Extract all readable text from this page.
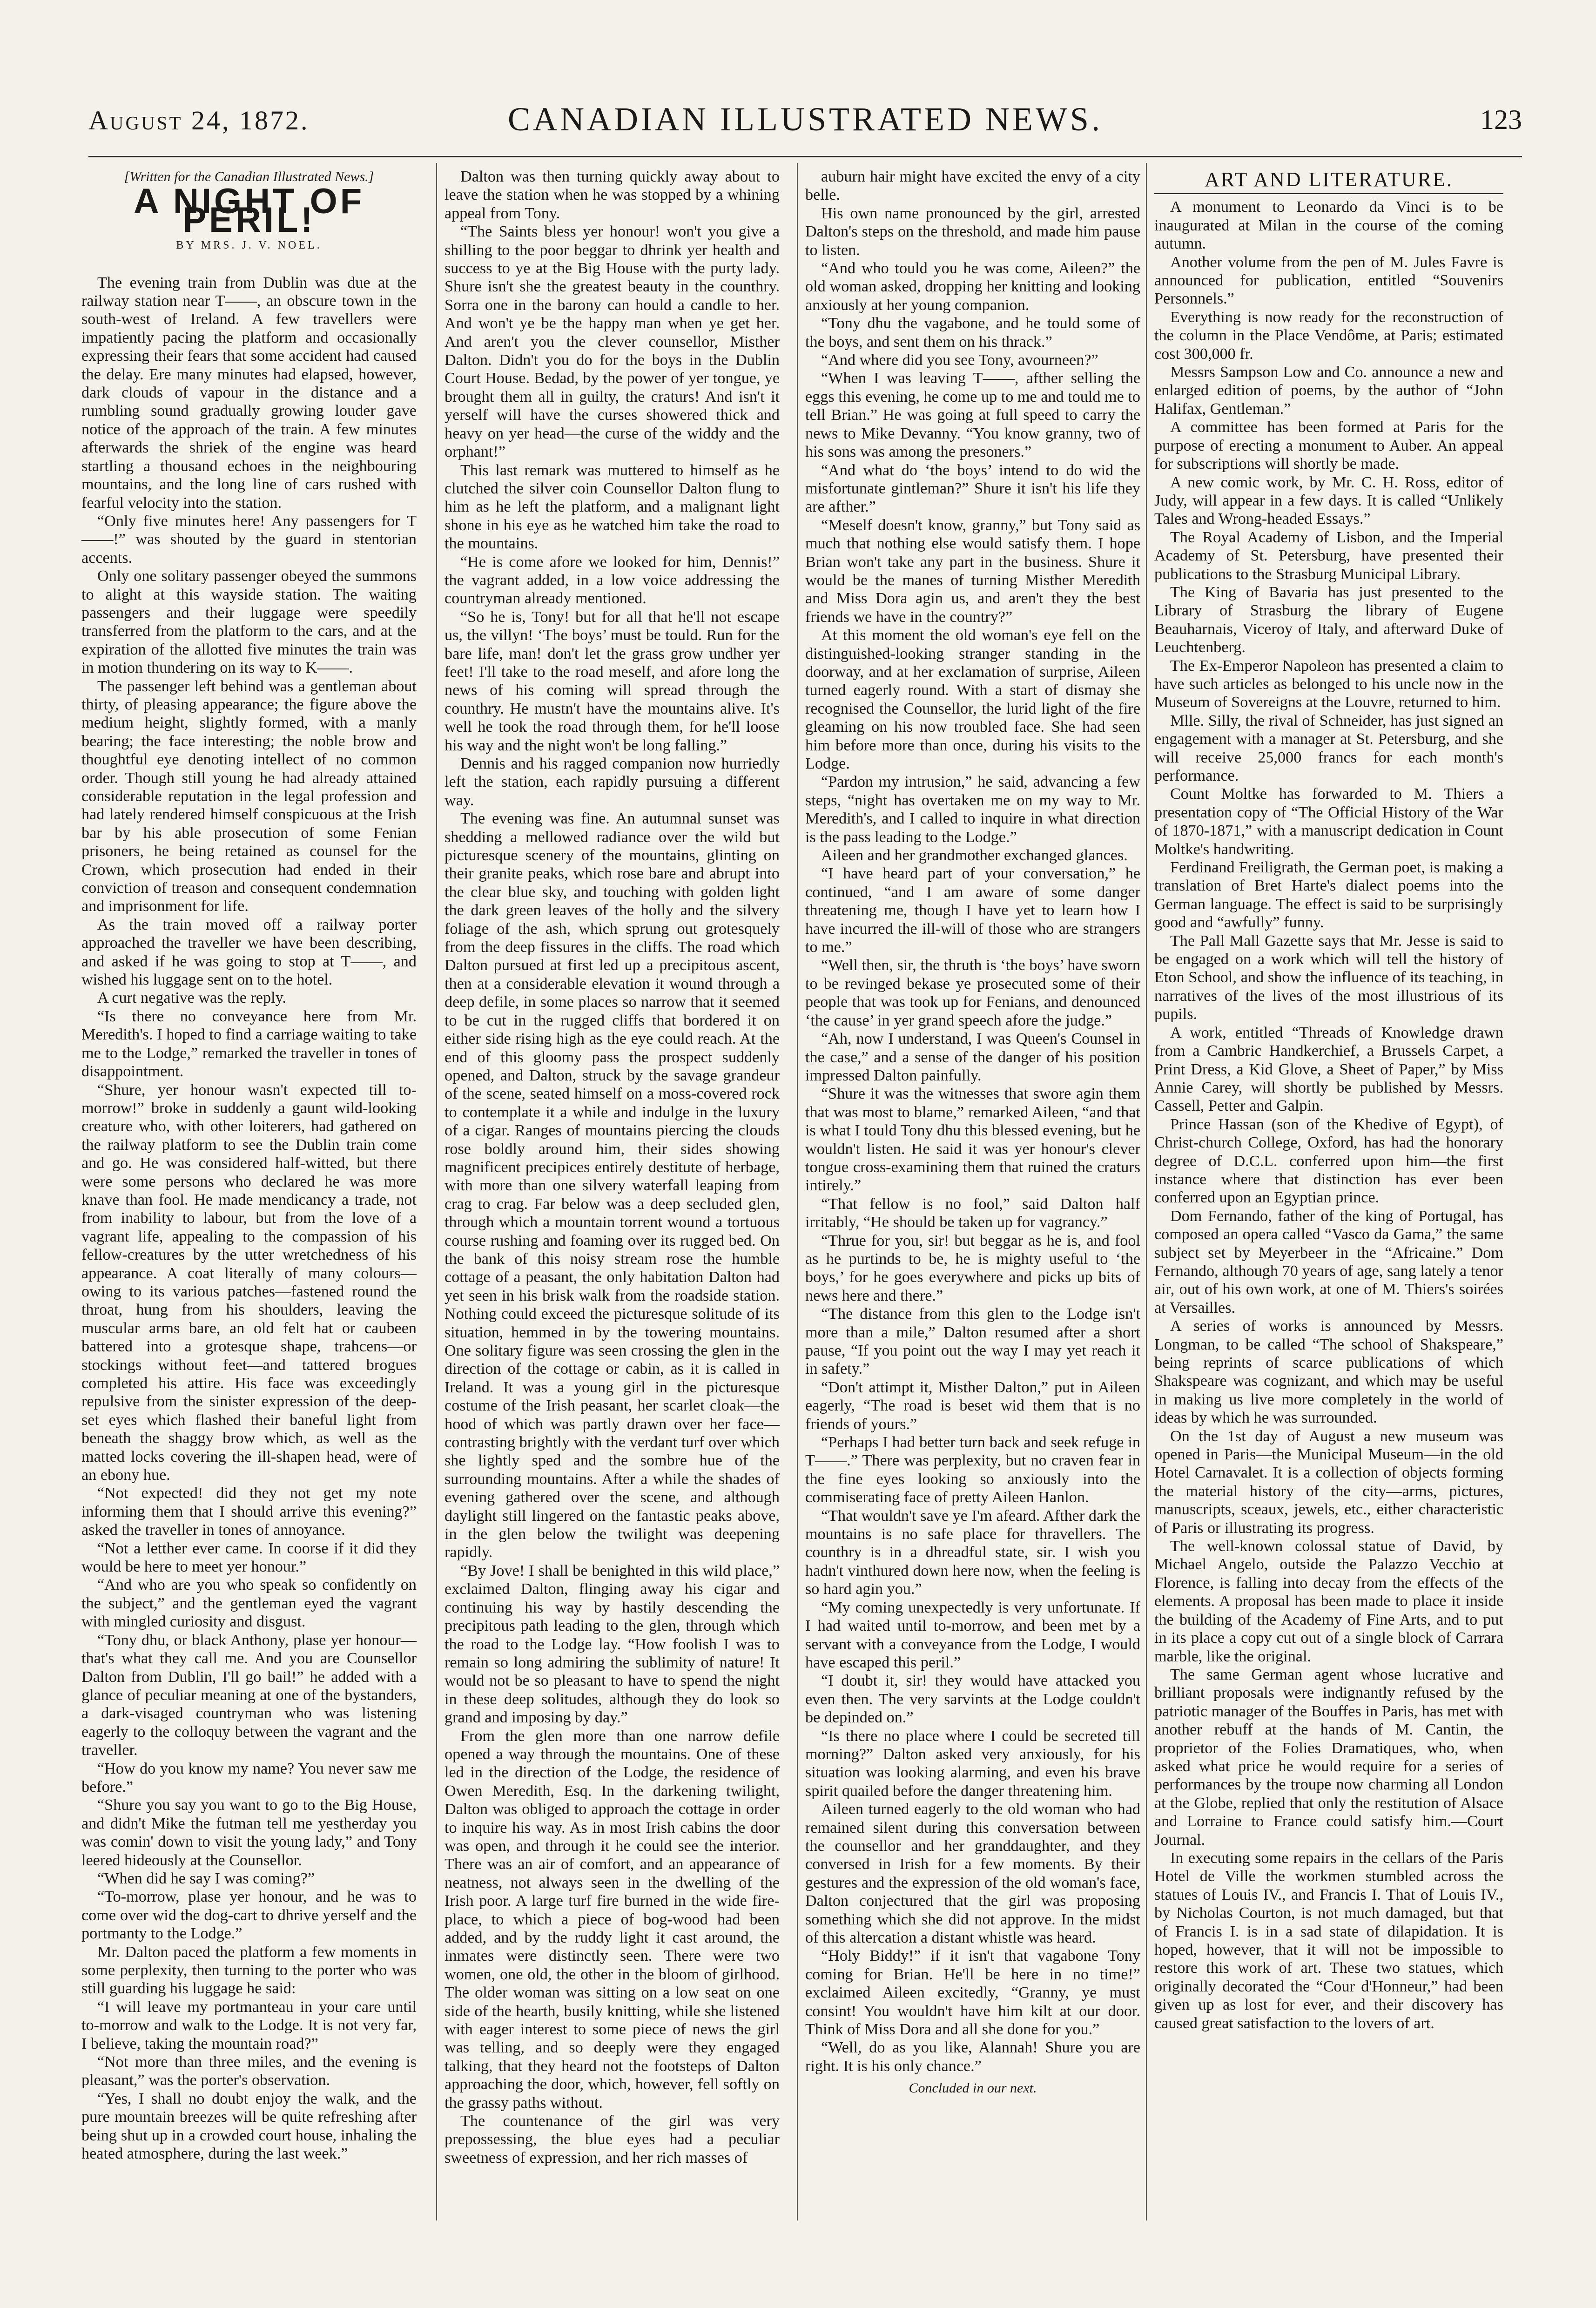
August 24, 1872.	CANADIAN ILLUSTRATED NEWS.	123
[Written for the Canadian Illustrated News.]
A NIGHT OF PERIL!
BY MRS. J. V. NOEL.

The evening train from Dublin was due at the railway station near T——, an obscure town in the south-west of Ireland. A few travellers were impatiently pacing the platform and occasionally expressing their fears that some accident had caused the delay. Ere many minutes had elapsed, however, dark clouds of vapour in the distance and a rumbling sound gradually growing louder gave notice of the approach of the train. A few minutes afterwards the shriek of the engine was heard startling a thousand echoes in the neighbouring mountains, and the long line of cars rushed with fearful velocity into the station.

“Only five minutes here! Any passengers for T——!” was shouted by the guard in stentorian accents.

Only one solitary passenger obeyed the summons to alight at this wayside station. The waiting passengers and their luggage were speedily transferred from the platform to the cars, and at the expiration of the allotted five minutes the train was in motion thundering on its way to K——.

The passenger left behind was a gentleman about thirty, of pleasing appearance; the figure above the medium height, slightly formed, with a manly bearing; the face interesting; the noble brow and thoughtful eye denoting intellect of no common order. Though still young he had already attained considerable reputation in the legal profession and had lately rendered himself conspicuous at the Irish bar by his able prosecution of some Fenian prisoners, he being retained as counsel for the Crown, which prosecution had ended in their conviction of treason and consequent condemnation and imprisonment for life.

As the train moved off a railway porter approached the traveller we have been describing, and asked if he was going to stop at T——, and wished his luggage sent on to the hotel.

A curt negative was the reply.

“Is there no conveyance here from Mr. Meredith's. I hoped to find a carriage waiting to take me to the Lodge,” remarked the traveller in tones of disappointment.

“Shure, yer honour wasn't expected till to-morrow!” broke in suddenly a gaunt wild-looking creature who, with other loiterers, had gathered on the railway platform to see the Dublin train come and go. He was considered half-witted, but there were some persons who declared he was more knave than fool. He made mendicancy a trade, not from inability to labour, but from the love of a vagrant life, appealing to the compassion of his fellow-creatures by the utter wretchedness of his appearance. A coat literally of many colours—owing to its various patches—fastened round the throat, hung from his shoulders, leaving the muscular arms bare, an old felt hat or caubeen battered into a grotesque shape, trahcens—or stockings without feet—and tattered brogues completed his attire. His face was exceedingly repulsive from the sinister expression of the deep-set eyes which flashed their baneful light from beneath the shaggy brow which, as well as the matted locks covering the ill-shapen head, were of an ebony hue.

“Not expected! did they not get my note informing them that I should arrive this evening?” asked the traveller in tones of annoyance.

“Not a letther ever came. In coorse if it did they would be here to meet yer honour.”

“And who are you who speak so confidently on the subject,” and the gentleman eyed the vagrant with mingled curiosity and disgust.

“Tony dhu, or black Anthony, plase yer honour—that's what they call me. And you are Counsellor Dalton from Dublin, I'll go bail!” he added with a glance of peculiar meaning at one of the bystanders, a dark-visaged countryman who was listening eagerly to the colloquy between the vagrant and the traveller.

“How do you know my name? You never saw me before.”

“Shure you say you want to go to the Big House, and didn't Mike the futman tell me yestherday you was comin' down to visit the young lady,” and Tony leered hideously at the Counsellor.

“When did he say I was coming?”

“To-morrow, plase yer honour, and he was to come over wid the dog-cart to dhrive yerself and the portmanty to the Lodge.”

Mr. Dalton paced the platform a few moments in some perplexity, then turning to the porter who was still guarding his luggage he said:

“I will leave my portmanteau in your care until to-morrow and walk to the Lodge. It is not very far, I believe, taking the mountain road?”

“Not more than three miles, and the evening is pleasant,” was the porter's observation.

“Yes, I shall no doubt enjoy the walk, and the pure mountain breezes will be quite refreshing after being shut up in a crowded court house, inhaling the heated atmosphere, during the last week.”

Dalton was then turning quickly away about to leave the station when he was stopped by a whining appeal from Tony.

“The Saints bless yer honour! won't you give a shilling to the poor beggar to dhrink yer health and success to ye at the Big House with the purty lady. Shure isn't she the greatest beauty in the counthry. Sorra one in the barony can hould a candle to her. And won't ye be the happy man when ye get her. And aren't you the clever counsellor, Misther Dalton. Didn't you do for the boys in the Dublin Court House. Bedad, by the power of yer tongue, ye brought them all in guilty, the craturs! And isn't it yerself will have the curses showered thick and heavy on yer head—the curse of the widdy and the orphant!”

This last remark was muttered to himself as he clutched the silver coin Counsellor Dalton flung to him as he left the platform, and a malignant light shone in his eye as he watched him take the road to the mountains.

“He is come afore we looked for him, Dennis!” the vagrant added, in a low voice addressing the countryman already mentioned.

“So he is, Tony! but for all that he'll not escape us, the villyn! ‘The boys’ must be tould. Run for the bare life, man! don't let the grass grow undher yer feet! I'll take to the road meself, and afore long the news of his coming will spread through the counthry. He mustn't have the mountains alive. It's well he took the road through them, for he'll loose his way and the night won't be long falling.”

Dennis and his ragged companion now hurriedly left the station, each rapidly pursuing a different way.

The evening was fine. An autumnal sunset was shedding a mellowed radiance over the wild but picturesque scenery of the mountains, glinting on their granite peaks, which rose bare and abrupt into the clear blue sky, and touching with golden light the dark green leaves of the holly and the silvery foliage of the ash, which sprung out grotesquely from the deep fissures in the cliffs. The road which Dalton pursued at first led up a precipitous ascent, then at a considerable elevation it wound through a deep defile, in some places so narrow that it seemed to be cut in the rugged cliffs that bordered it on either side rising high as the eye could reach. At the end of this gloomy pass the prospect suddenly opened, and Dalton, struck by the savage grandeur of the scene, seated himself on a moss-covered rock to contemplate it a while and indulge in the luxury of a cigar. Ranges of mountains piercing the clouds rose boldly around him, their sides showing magnificent precipices entirely destitute of herbage, with more than one silvery waterfall leaping from crag to crag. Far below was a deep secluded glen, through which a mountain torrent wound a tortuous course rushing and foaming over its rugged bed. On the bank of this noisy stream rose the humble cottage of a peasant, the only habitation Dalton had yet seen in his brisk walk from the roadside station. Nothing could exceed the picturesque solitude of its situation, hemmed in by the towering mountains. One solitary figure was seen crossing the glen in the direction of the cottage or cabin, as it is called in Ireland. It was a young girl in the picturesque costume of the Irish peasant, her scarlet cloak—the hood of which was partly drawn over her face—contrasting brightly with the verdant turf over which she lightly sped and the sombre hue of the surrounding mountains. After a while the shades of evening gathered over the scene, and although daylight still lingered on the fantastic peaks above, in the glen below the twilight was deepening rapidly.

“By Jove! I shall be benighted in this wild place,” exclaimed Dalton, flinging away his cigar and continuing his way by hastily descending the precipitous path leading to the glen, through which the road to the Lodge lay. “How foolish I was to remain so long admiring the sublimity of nature! It would not be so pleasant to have to spend the night in these deep solitudes, although they do look so grand and imposing by day.”

From the glen more than one narrow defile opened a way through the mountains. One of these led in the direction of the Lodge, the residence of Owen Meredith, Esq. In the darkening twilight, Dalton was obliged to approach the cottage in order to inquire his way. As in most Irish cabins the door was open, and through it he could see the interior. There was an air of comfort, and an appearance of neatness, not always seen in the dwelling of the Irish poor. A large turf fire burned in the wide fire-place, to which a piece of bog-wood had been added, and by the ruddy light it cast around, the inmates were distinctly seen. There were two women, one old, the other in the bloom of girlhood. The older woman was sitting on a low seat on one side of the hearth, busily knitting, while she listened with eager interest to some piece of news the girl was telling, and so deeply were they engaged talking, that they heard not the footsteps of Dalton approaching the door, which, however, fell softly on the grassy paths without.

The countenance of the girl was very prepossessing, the blue eyes had a peculiar sweetness of expression, and her rich masses of

auburn hair might have excited the envy of a city belle.

His own name pronounced by the girl, arrested Dalton's steps on the threshold, and made him pause to listen.

“And who tould you he was come, Aileen?” the old woman asked, dropping her knitting and looking anxiously at her young companion.

“Tony dhu the vagabone, and he tould some of the boys, and sent them on his thrack.”

“And where did you see Tony, avourneen?”

“When I was leaving T——, afther selling the eggs this evening, he come up to me and tould me to tell Brian.” He was going at full speed to carry the news to Mike Devanny. “You know granny, two of his sons was among the presoners.”

“And what do ‘the boys’ intend to do wid the misfortunate gintleman?” Shure it isn't his life they are afther.”

“Meself doesn't know, granny,” but Tony said as much that nothing else would satisfy them. I hope Brian won't take any part in the business. Shure it would be the manes of turning Misther Meredith and Miss Dora agin us, and aren't they the best friends we have in the country?”

At this moment the old woman's eye fell on the distinguished-looking stranger standing in the doorway, and at her exclamation of surprise, Aileen turned eagerly round. With a start of dismay she recognised the Counsellor, the lurid light of the fire gleaming on his now troubled face. She had seen him before more than once, during his visits to the Lodge.

“Pardon my intrusion,” he said, advancing a few steps, “night has overtaken me on my way to Mr. Meredith's, and I called to inquire in what direction is the pass leading to the Lodge.”

Aileen and her grandmother exchanged glances.

“I have heard part of your conversation,” he continued, “and I am aware of some danger threatening me, though I have yet to learn how I have incurred the ill-will of those who are strangers to me.”

“Well then, sir, the thruth is ‘the boys’ have sworn to be revinged bekase ye prosecuted some of their people that was took up for Fenians, and denounced ‘the cause’ in yer grand speech afore the judge.”

“Ah, now I understand, I was Queen's Counsel in the case,” and a sense of the danger of his position impressed Dalton painfully.

“Shure it was the witnesses that swore agin them that was most to blame,” remarked Aileen, “and that is what I tould Tony dhu this blessed evening, but he wouldn't listen. He said it was yer honour's clever tongue cross-examining them that ruined the craturs intirely.”

“That fellow is no fool,” said Dalton half irritably, “He should be taken up for vagrancy.”

“Thrue for you, sir! but beggar as he is, and fool as he purtinds to be, he is mighty useful to ‘the boys,’ for he goes everywhere and picks up bits of news here and there.”

“The distance from this glen to the Lodge isn't more than a mile,” Dalton resumed after a short pause, “If you point out the way I may yet reach it in safety.”

“Don't attimpt it, Misther Dalton,” put in Aileen eagerly, “The road is beset wid them that is no friends of yours.”

“Perhaps I had better turn back and seek refuge in T——.” There was perplexity, but no craven fear in the fine eyes looking so anxiously into the commiserating face of pretty Aileen Hanlon.

“That wouldn't save ye I'm afeard. Afther dark the mountains is no safe place for thravellers. The counthry is in a dhreadful state, sir. I wish you hadn't vinthured down here now, when the feeling is so hard agin you.”

“My coming unexpectedly is very unfortunate. If I had waited until to-morrow, and been met by a servant with a conveyance from the Lodge, I would have escaped this peril.”

“I doubt it, sir! they would have attacked you even then. The very sarvints at the Lodge couldn't be depinded on.”

“Is there no place where I could be secreted till morning?” Dalton asked very anxiously, for his situation was looking alarming, and even his brave spirit quailed before the danger threatening him.

Aileen turned eagerly to the old woman who had remained silent during this conversation between the counsellor and her granddaughter, and they conversed in Irish for a few moments. By their gestures and the expression of the old woman's face, Dalton conjectured that the girl was proposing something which she did not approve. In the midst of this altercation a distant whistle was heard.

“Holy Biddy!” if it isn't that vagabone Tony coming for Brian. He'll be here in no time!” exclaimed Aileen excitedly, “Granny, ye must consint! You wouldn't have him kilt at our door. Think of Miss Dora and all she done for you.”

“Well, do as you like, Alannah! Shure you are right. It is his only chance.”

Concluded in our next.
ART AND LITERATURE.

A monument to Leonardo da Vinci is to be inaugurated at Milan in the course of the coming autumn.

Another volume from the pen of M. Jules Favre is announced for publication, entitled “Souvenirs Personnels.”

Everything is now ready for the reconstruction of the column in the Place Vendôme, at Paris; estimated cost 300,000 fr.

Messrs Sampson Low and Co. announce a new and enlarged edition of poems, by the author of “John Halifax, Gentleman.”

A committee has been formed at Paris for the purpose of erecting a monument to Auber. An appeal for subscriptions will shortly be made.

A new comic work, by Mr. C. H. Ross, editor of Judy, will appear in a few days. It is called “Unlikely Tales and Wrong-headed Essays.”

The Royal Academy of Lisbon, and the Imperial Academy of St. Petersburg, have presented their publications to the Strasburg Municipal Library.

The King of Bavaria has just presented to the Library of Strasburg the library of Eugene Beauharnais, Viceroy of Italy, and afterward Duke of Leuchtenberg.

The Ex-Emperor Napoleon has presented a claim to have such articles as belonged to his uncle now in the Museum of Sovereigns at the Louvre, returned to him.

Mlle. Silly, the rival of Schneider, has just signed an engagement with a manager at St. Petersburg, and she will receive 25,000 francs for each month's performance.

Count Moltke has forwarded to M. Thiers a presentation copy of “The Official History of the War of 1870-1871,” with a manuscript dedication in Count Moltke's handwriting.

Ferdinand Freiligrath, the German poet, is making a translation of Bret Harte's dialect poems into the German language. The effect is said to be surprisingly good and “awfully” funny.

The Pall Mall Gazette says that Mr. Jesse is said to be engaged on a work which will tell the history of Eton School, and show the influence of its teaching, in narratives of the lives of the most illustrious of its pupils.

A work, entitled “Threads of Knowledge drawn from a Cambric Handkerchief, a Brussels Carpet, a Print Dress, a Kid Glove, a Sheet of Paper,” by Miss Annie Carey, will shortly be published by Messrs. Cassell, Petter and Galpin.

Prince Hassan (son of the Khedive of Egypt), of Christ-church College, Oxford, has had the honorary degree of D.C.L. conferred upon him—the first instance where that distinction has ever been conferred upon an Egyptian prince.

Dom Fernando, father of the king of Portugal, has composed an opera called “Vasco da Gama,” the same subject set by Meyerbeer in the “Africaine.” Dom Fernando, although 70 years of age, sang lately a tenor air, out of his own work, at one of M. Thiers's soirées at Versailles.

A series of works is announced by Messrs. Longman, to be called “The school of Shakspeare,” being reprints of scarce publications of which Shakspeare was cognizant, and which may be useful in making us live more completely in the world of ideas by which he was surrounded.

On the 1st day of August a new museum was opened in Paris—the Municipal Museum—in the old Hotel Carnavalet. It is a collection of objects forming the material history of the city—arms, pictures, manuscripts, sceaux, jewels, etc., either characteristic of Paris or illustrating its progress.

The well-known colossal statue of David, by Michael Angelo, outside the Palazzo Vecchio at Florence, is falling into decay from the effects of the elements. A proposal has been made to place it inside the building of the Academy of Fine Arts, and to put in its place a copy cut out of a single block of Carrara marble, like the original.

The same German agent whose lucrative and brilliant proposals were indignantly refused by the patriotic manager of the Bouffes in Paris, has met with another rebuff at the hands of M. Cantin, the proprietor of the Folies Dramatiques, who, when asked what price he would require for a series of performances by the troupe now charming all London at the Globe, replied that only the restitution of Alsace and Lorraine to France could satisfy him.—Court Journal.

In executing some repairs in the cellars of the Paris Hotel de Ville the workmen stumbled across the statues of Louis IV., and Francis I. That of Louis IV., by Nicholas Courton, is not much damaged, but that of Francis I. is in a sad state of dilapidation. It is hoped, however, that it will not be impossible to restore this work of art. These two statues, which originally decorated the “Cour d'Honneur,” had been given up as lost for ever, and their discovery has caused great satisfaction to the lovers of art.
